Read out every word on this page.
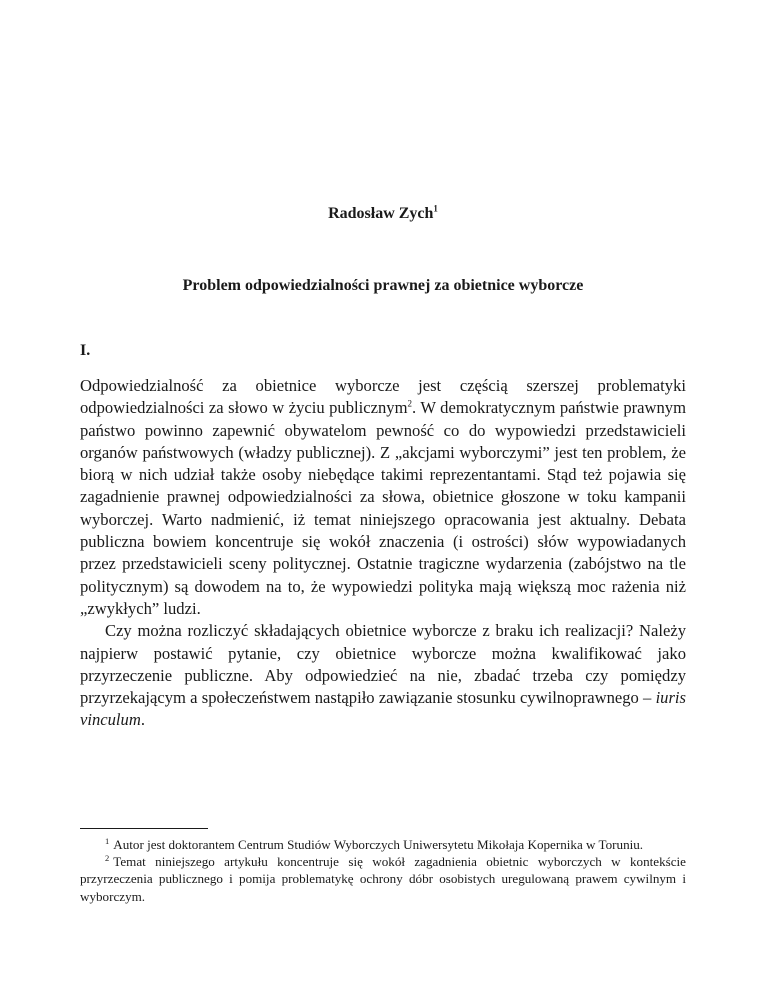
Radosław Zych$^1$
Problem odpowiedzialności prawnej za obietnice wyborcze
I.

Odpowiedzialność za obietnice wyborcze jest częścią szerszej problematyki odpowiedzialności za słowo w życiu publicznym$^2$. W demokratycznym państwie prawnym państwo powinno zapewnić obywatelom pewność co do wypowiedzi przedstawicieli organów państwowych (władzy publicznej). Z „akcjami wyborczymi” jest ten problem, że biorą w nich udział także osoby niebędące takimi reprezentantami. Stąd też pojawia się zagadnienie prawnej odpowiedzialności za słowa, obietnice głoszone w toku kampanii wyborczej. Warto nadmienić, iż temat niniejszego opracowania jest aktualny. Debata publiczna bowiem koncentruje się wokół znaczenia (i ostrości) słów wypowiadanych przez przedstawicieli sceny politycznej. Ostatnie tragiczne wydarzenia (zabójstwo na tle politycznym) są dowodem na to, że wypowiedzi polityka mają większą moc rażenia niż „zwykłych” ludzi.

Czy można rozliczyć składających obietnice wyborcze z braku ich realizacji? Należy najpierw postawić pytanie, czy obietnice wyborcze można kwalifikować jako przyrzeczenie publiczne. Aby odpowiedzieć na nie, zbadać trzeba czy pomiędzy przyrzekającym a społeczeństwem nastąpiło zawiązanie stosunku cywilnoprawnego – iuris vinculum.

$^1$ Autor jest doktorantem Centrum Studiów Wyborczych Uniwersytetu Mikołaja Kopernika w Toruniu.

$^2$ Temat niniejszego artykułu koncentruje się wokół zagadnienia obietnic wyborczych w kontekście przyrzeczenia publicznego i pomija problematykę ochrony dóbr osobistych uregulowaną prawem cywilnym i wyborczym.
